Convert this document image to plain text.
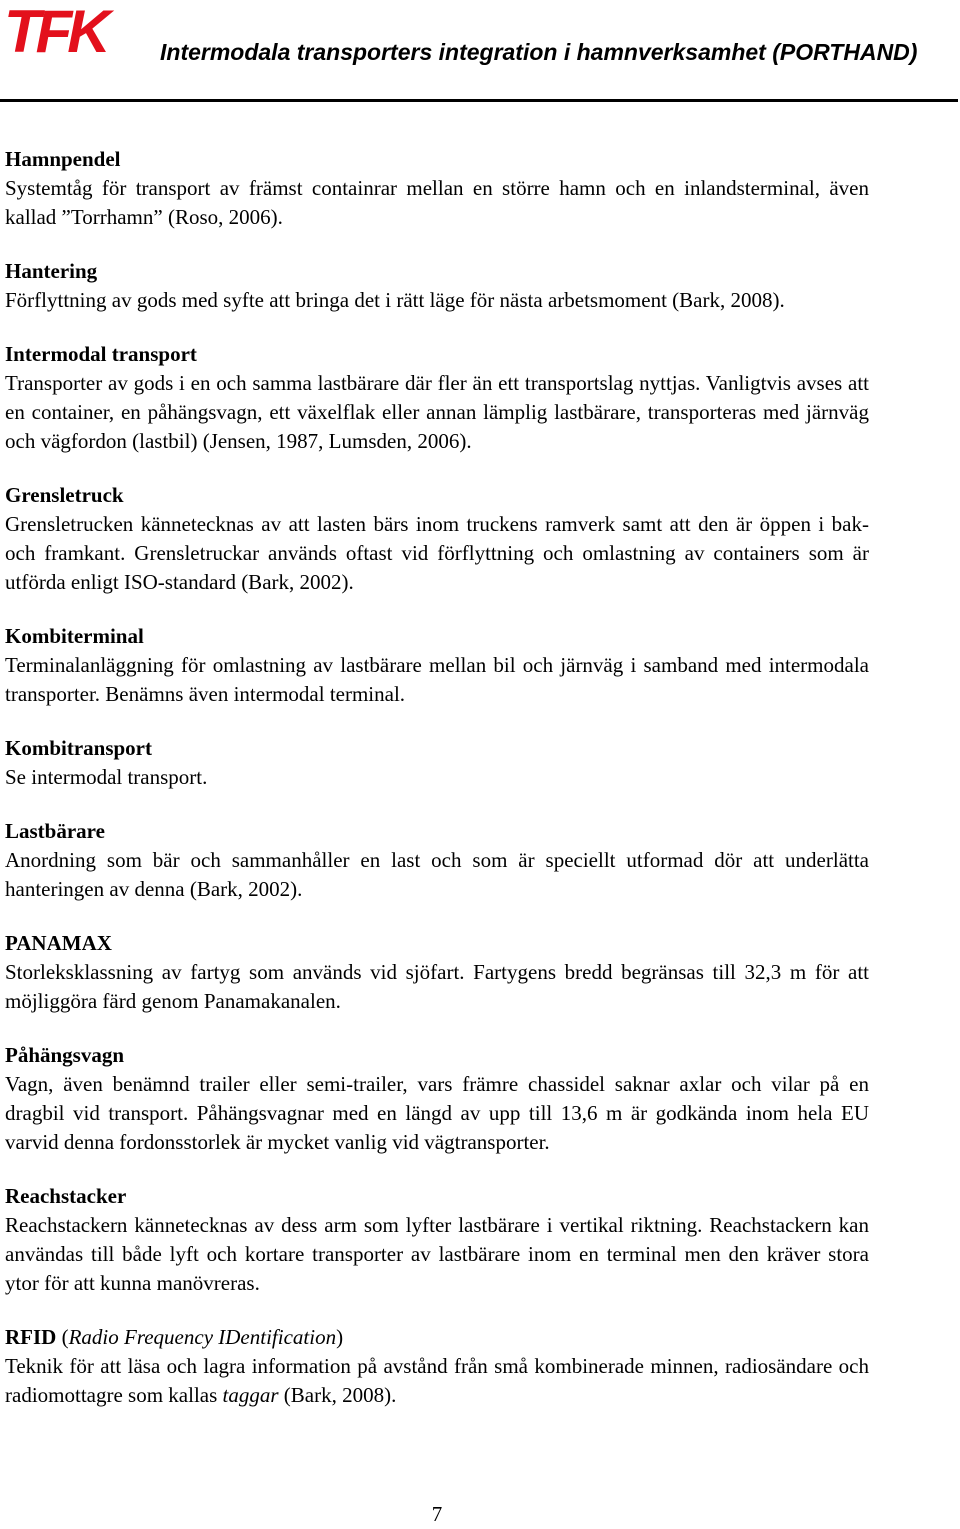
TFK Intermodala transporters integration i hamnverksamhet (PORTHAND)
Hamnpendel

Systemtåg för transport av främst containrar mellan en större hamn och en inlandsterminal, även kallad ”Torrhamn” (Roso, 2006).

Hantering

Förflyttning av gods med syfte att bringa det i rätt läge för nästa arbetsmoment (Bark, 2008).

Intermodal transport

Transporter av gods i en och samma lastbärare där fler än ett transportslag nyttjas. Vanligtvis avses att en container, en påhängsvagn, ett växelflak eller annan lämplig lastbärare, transporteras med järnväg och vägfordon (lastbil) (Jensen, 1987, Lumsden, 2006).

Grensletruck

Grensletrucken kännetecknas av att lasten bärs inom truckens ramverk samt att den är öppen i bak- och framkant. Grensletruckar används oftast vid förflyttning och omlastning av containers som är utförda enligt ISO-standard (Bark, 2002).

Kombiterminal

Terminalanläggning för omlastning av lastbärare mellan bil och järnväg i samband med intermodala transporter. Benämns även intermodal terminal.

Kombitransport

Se intermodal transport.

Lastbärare

Anordning som bär och sammanhåller en last och som är speciellt utformad dör att underlätta hanteringen av denna (Bark, 2002).

PANAMAX

Storleksklassning av fartyg som används vid sjöfart. Fartygens bredd begränsas till 32,3 m för att möjliggöra färd genom Panamakanalen.

Påhängsvagn

Vagn, även benämnd trailer eller semi-trailer, vars främre chassidel saknar axlar och vilar på en dragbil vid transport. Påhängsvagnar med en längd av upp till 13,6 m är godkända inom hela EU varvid denna fordonsstorlek är mycket vanlig vid vägtransporter.

Reachstacker

Reachstackern kännetecknas av dess arm som lyfter lastbärare i vertikal riktning. Reachstackern kan användas till både lyft och kortare transporter av lastbärare inom en terminal men den kräver stora ytor för att kunna manövreras.

RFID (Radio Frequency IDentification)

Teknik för att läsa och lagra information på avstånd från små kombinerade minnen, radiosändare och radiomottagre som kallas taggar (Bark, 2008).

7
